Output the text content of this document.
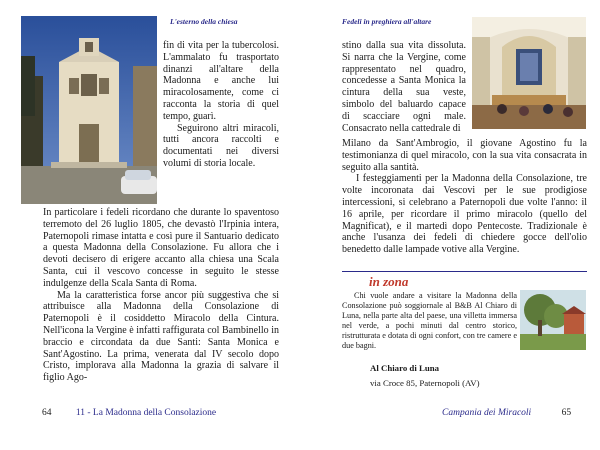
fin di vita per la tubercolosi. L'ammalato fu trasportato dinanzi all'altare della Madonna e anche lui miracolosamente, come ci racconta la storia di quel tempo, guarì.

Seguirono altri miracoli, tutti ancora raccolti e documentati nei diversi volumi di storia locale.

In particolare i fedeli ricordano che durante lo spaventoso terremoto del 26 luglio 1805, che devastò l'Irpinia intera, Paternopoli rimase intatta e così pure il Santuario dedicato a questa Madonna della Consolazione. Fu allora che i devoti decisero di erigere accanto alla chiesa una Scala Santa, cui il vescovo concesse in seguito le stesse indulgenze della Scala Santa di Roma.

Ma la caratteristica forse ancor più suggestiva che si attribuisce alla Madonna della Consolazione di Paternopoli è il cosiddetto Miracolo della Cintura. Nell'icona la Vergine è infatti raffigurata col Bambinello in braccio e circondata da due Santi: Santa Monica e Sant'Agostino. La prima, venerata dal IV secolo dopo Cristo, implorava alla Madonna la grazia di salvare il figlio Ago-

64	11 - La Madonna della Consolazione
Fedeli in preghiera all'altare

stino dalla sua vita dissoluta. Si narra che la Vergine, come rappresentato nel quadro, concedesse a Santa Monica la cintura della sua veste, simbolo del baluardo capace di scacciare ogni male. Consacrato nella cattedrale di

Milano da Sant'Ambrogio, il giovane Agostino fu la testimonianza di quel miracolo, con la sua vita consacrata in seguito alla santità.

I festeggiamenti per la Madonna della Consolazione, tre volte incoronata dai Vescovi per le sue prodigiose intercessioni, si celebrano a Paternopoli due volte l'anno: il 16 aprile, per ricordare il primo miracolo (quello del Magnificat), e il martedì dopo Pentecoste. Tradizionale è anche l'usanza dei fedeli di chiedere gocce dell'olio benedetto dalle lampade votive alla Vergine.

in zona

Chi vuole andare a visitare la Madonna della Consolazione può soggiornale al B&B Al Chiaro di Luna, nella parte alta del paese, una villetta immersa nel verde, a pochi minuti dal centro storico, ristrutturata e dotata di ogni confort, con tre camere e due bagni.

Al Chiaro di Luna
via Croce 85, Paternopoli (AV)
Campania dei Miracoli	65
L'esterno della chiesa
